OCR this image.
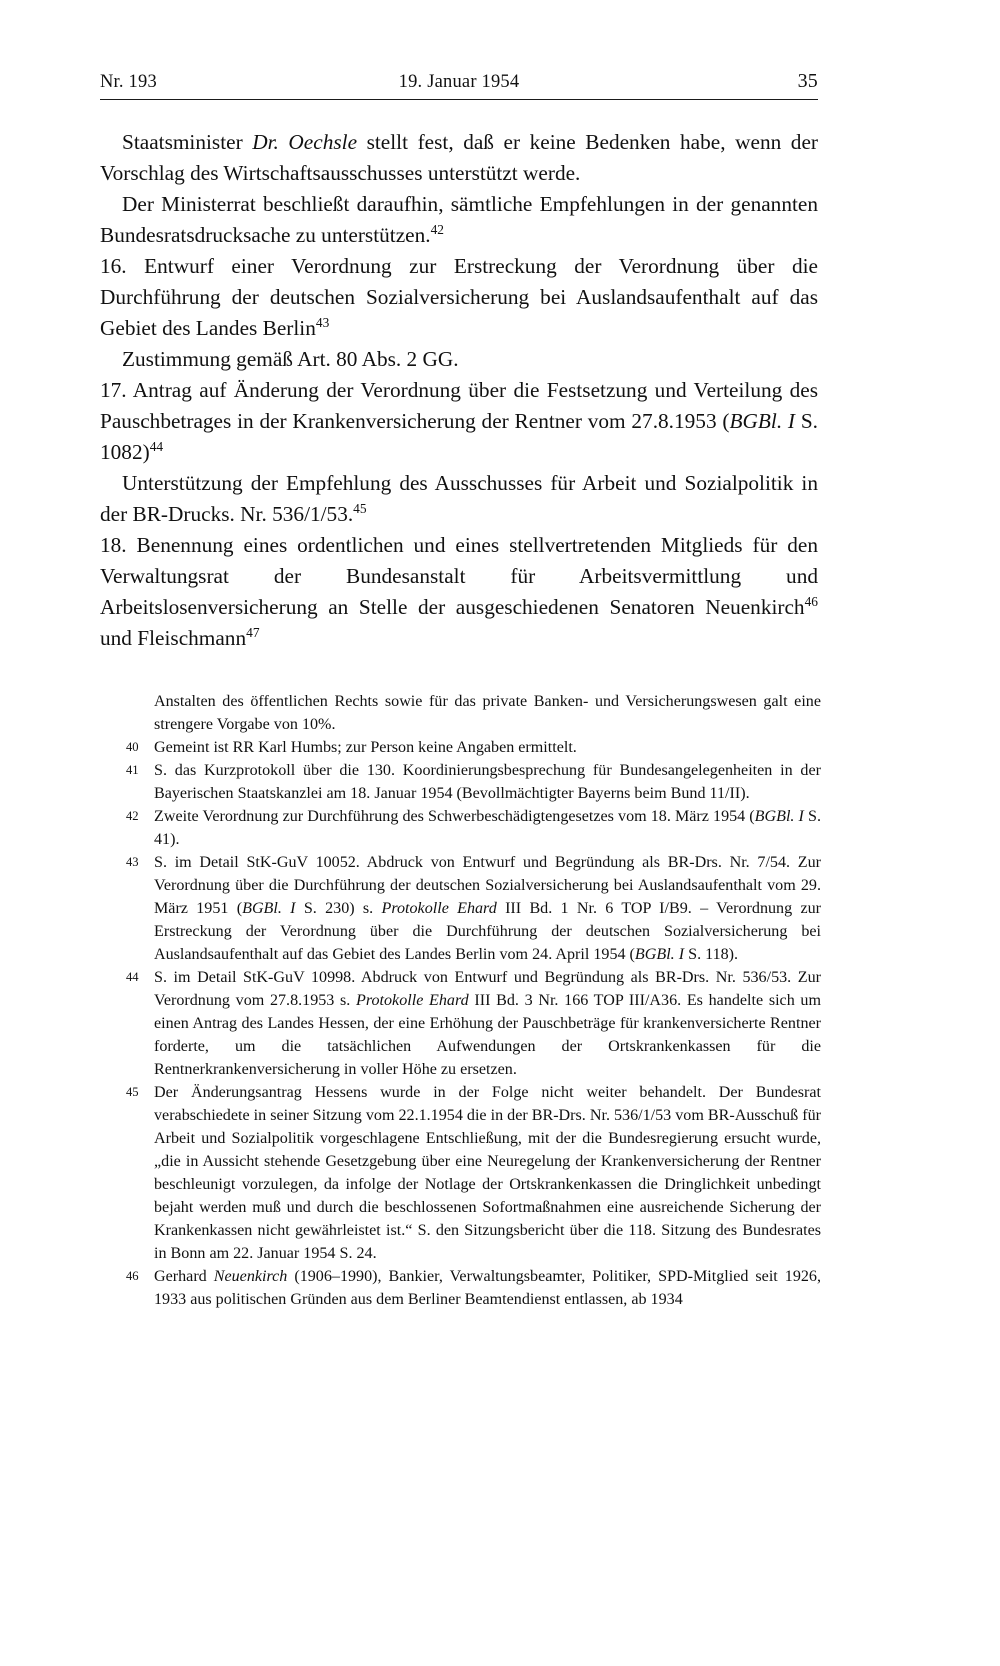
Nr. 193	19. Januar 1954	35

Staatsminister Dr. Oechsle stellt fest, daß er keine Bedenken habe, wenn der Vorschlag des Wirtschaftsausschusses unterstützt werde.

Der Ministerrat beschließt daraufhin, sämtliche Empfehlungen in der genannten Bundesratsdrucksache zu unterstützen.$^{42}$

16. Entwurf einer Verordnung zur Erstreckung der Verordnung über die Durchführung der deutschen Sozialversicherung bei Auslandsaufenthalt auf das Gebiet des Landes Berlin$^{43}$

Zustimmung gemäß Art. 80 Abs. 2 GG.

17. Antrag auf Änderung der Verordnung über die Festsetzung und Verteilung des Pauschbetrages in der Krankenversicherung der Rentner vom 27.8.1953 (BGBl. I S. 1082)$^{44}$

Unterstützung der Empfehlung des Ausschusses für Arbeit und Sozialpolitik in der BR-Drucks. Nr. 536/1/53.45

18. Benennung eines ordentlichen und eines stellvertretenden Mitglieds für den Verwaltungsrat der Bundesanstalt für Arbeitsvermittlung und Arbeitslosenversicherung an Stelle der ausgeschiedenen Senatoren Neuenkirch$^{46}$ und Fleischmann$^{47}$

Anstalten des öffentlichen Rechts sowie für das private Banken- und Versicherungswesen galt eine strengere Vorgabe von 10%.

40 Gemeint ist RR Karl Humbs; zur Person keine Angaben ermittelt.

41 S. das Kurzprotokoll über die 130. Koordinierungsbesprechung für Bundesangelegenheiten in der Bayerischen Staatskanzlei am 18. Januar 1954 (Bevollmächtigter Bayerns beim Bund 11/II).

42 Zweite Verordnung zur Durchführung des Schwerbeschädigtengesetzes vom 18. März 1954 (BGBl. I S. 41).

43 S. im Detail StK-GuV 10052. Abdruck von Entwurf und Begründung als BR-Drs. Nr. 7/54. Zur Verordnung über die Durchführung der deutschen Sozialversicherung bei Auslandsaufenthalt vom 29. März 1951 (BGBl. I S. 230) s. Protokolle Ehard III Bd. 1 Nr. 6 TOP I/B9. – Verordnung zur Erstreckung der Verordnung über die Durchführung der deutschen Sozialversicherung bei Auslandsaufenthalt auf das Gebiet des Landes Berlin vom 24. April 1954 (BGBl. I S. 118).

44 S. im Detail StK-GuV 10998. Abdruck von Entwurf und Begründung als BR-Drs. Nr. 536/53. Zur Verordnung vom 27.8.1953 s. Protokolle Ehard III Bd. 3 Nr. 166 TOP III/A36. Es handelte sich um einen Antrag des Landes Hessen, der eine Erhöhung der Pauschbeträge für krankenversicherte Rentner forderte, um die tatsächlichen Aufwendungen der Ortskrankenkassen für die Rentnerkrankenversicherung in voller Höhe zu ersetzen.

45 Der Änderungsantrag Hessens wurde in der Folge nicht weiter behandelt. Der Bundesrat verabschiedete in seiner Sitzung vom 22.1.1954 die in der BR-Drs. Nr. 536/1/53 vom BR-Ausschuß für Arbeit und Sozialpolitik vorgeschlagene Entschließung, mit der die Bundesregierung ersucht wurde, „die in Aussicht stehende Gesetzgebung über eine Neuregelung der Krankenversicherung der Rentner beschleunigt vorzulegen, da infolge der Notlage der Ortskrankenkassen die Dringlichkeit unbedingt bejaht werden muß und durch die beschlossenen Sofortmaßnahmen eine ausreichende Sicherung der Krankenkassen nicht gewährleistet ist.“ S. den Sitzungsbericht über die 118. Sitzung des Bundesrates in Bonn am 22. Januar 1954 S. 24.

46 Gerhard Neuenkirch (1906–1990), Bankier, Verwaltungsbeamter, Politiker, SPD-Mitglied seit 1926, 1933 aus politischen Gründen aus dem Berliner Beamtendienst entlassen, ab 1934
